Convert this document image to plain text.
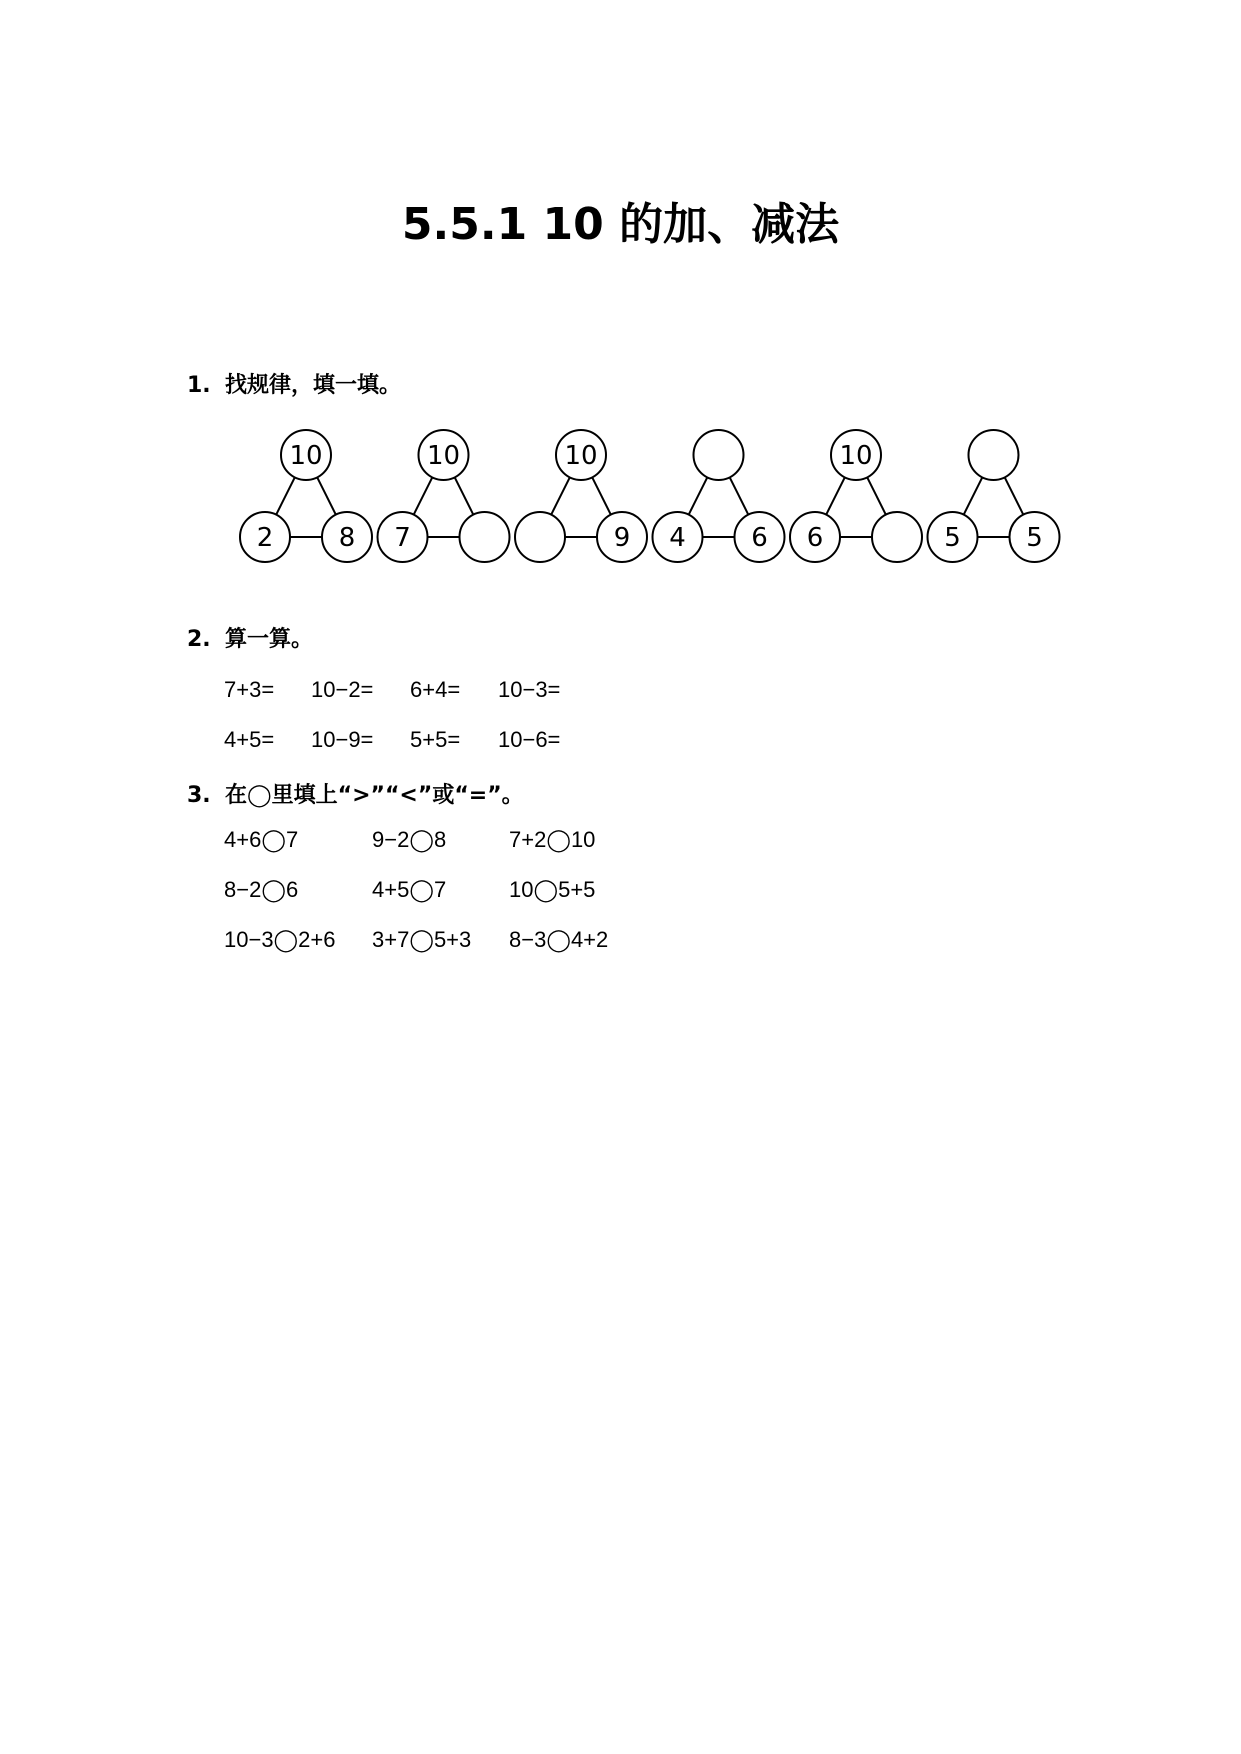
5.5.1 10 的加、减法
1. 找规律，填一填。
10
2	8
10
7
10
9 4	6
10
6	5	5
2. 算一算。
7+3= 10−2= 6+4= 10−3=
4+5= 10−9= 5+5= 10−6=
3. 在◯里填上“>”“<”或“=”。
4+6◯7	9−2◯8	7+2◯10
8−2◯6	4+5◯7	10◯5+5
10−3◯2+6 3+7◯5+3 8−3◯4+2
